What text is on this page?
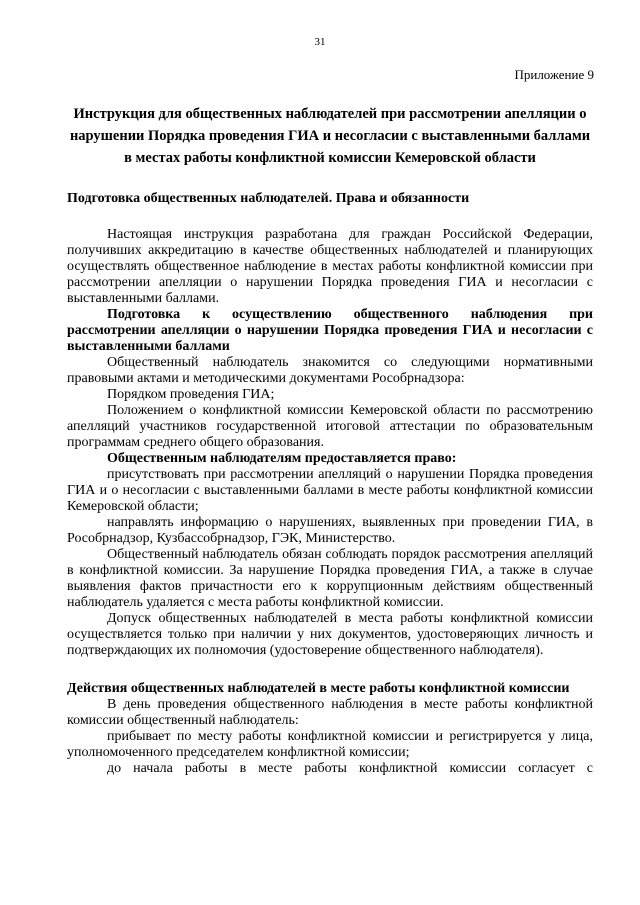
31
Приложение 9

Инструкция для общественных наблюдателей при рассмотрении апелляции о нарушении Порядка проведения ГИА и несогласии с выставленными баллами в местах работы конфликтной комиссии Кемеровской области

Подготовка общественных наблюдателей. Права и обязанности

Настоящая инструкция разработана для граждан Российской Федерации, получивших аккредитацию в качестве общественных наблюдателей и планирующих осуществлять общественное наблюдение в местах работы конфликтной комиссии при рассмотрении апелляции о нарушении Порядка проведения ГИА и несогласии с выставленными баллами.

Подготовка к осуществлению общественного наблюдения при рассмотрении апелляции о нарушении Порядка проведения ГИА и несогласии с выставленными баллами

Общественный наблюдатель знакомится со следующими нормативными правовыми актами и методическими документами Рособрнадзора:

Порядком проведения ГИА;

Положением о конфликтной комиссии Кемеровской области по рассмотрению апелляций участников государственной итоговой аттестации по образовательным программам среднего общего образования.

Общественным наблюдателям предоставляется право:

присутствовать при рассмотрении апелляций о нарушении Порядка проведения ГИА и о несогласии с выставленными баллами в месте работы конфликтной комиссии Кемеровской области;

направлять информацию о нарушениях, выявленных при проведении ГИА, в Рособрнадзор, Кузбассобрнадзор, ГЭК, Министерство.

Общественный наблюдатель обязан соблюдать порядок рассмотрения апелляций в конфликтной комиссии. За нарушение Порядка проведения ГИА, а также в случае выявления фактов причастности его к коррупционным действиям общественный наблюдатель удаляется с места работы конфликтной комиссии.

Допуск общественных наблюдателей в места работы конфликтной комиссии осуществляется только при наличии у них документов, удостоверяющих личность и подтверждающих их полномочия (удостоверение общественного наблюдателя).

Действия общественных наблюдателей в месте работы конфликтной комиссии

В день проведения общественного наблюдения в месте работы конфликтной комиссии общественный наблюдатель:

прибывает по месту работы конфликтной комиссии и регистрируется у лица, уполномоченного председателем конфликтной комиссии;

до начала работы в месте работы конфликтной комиссии согласует с
